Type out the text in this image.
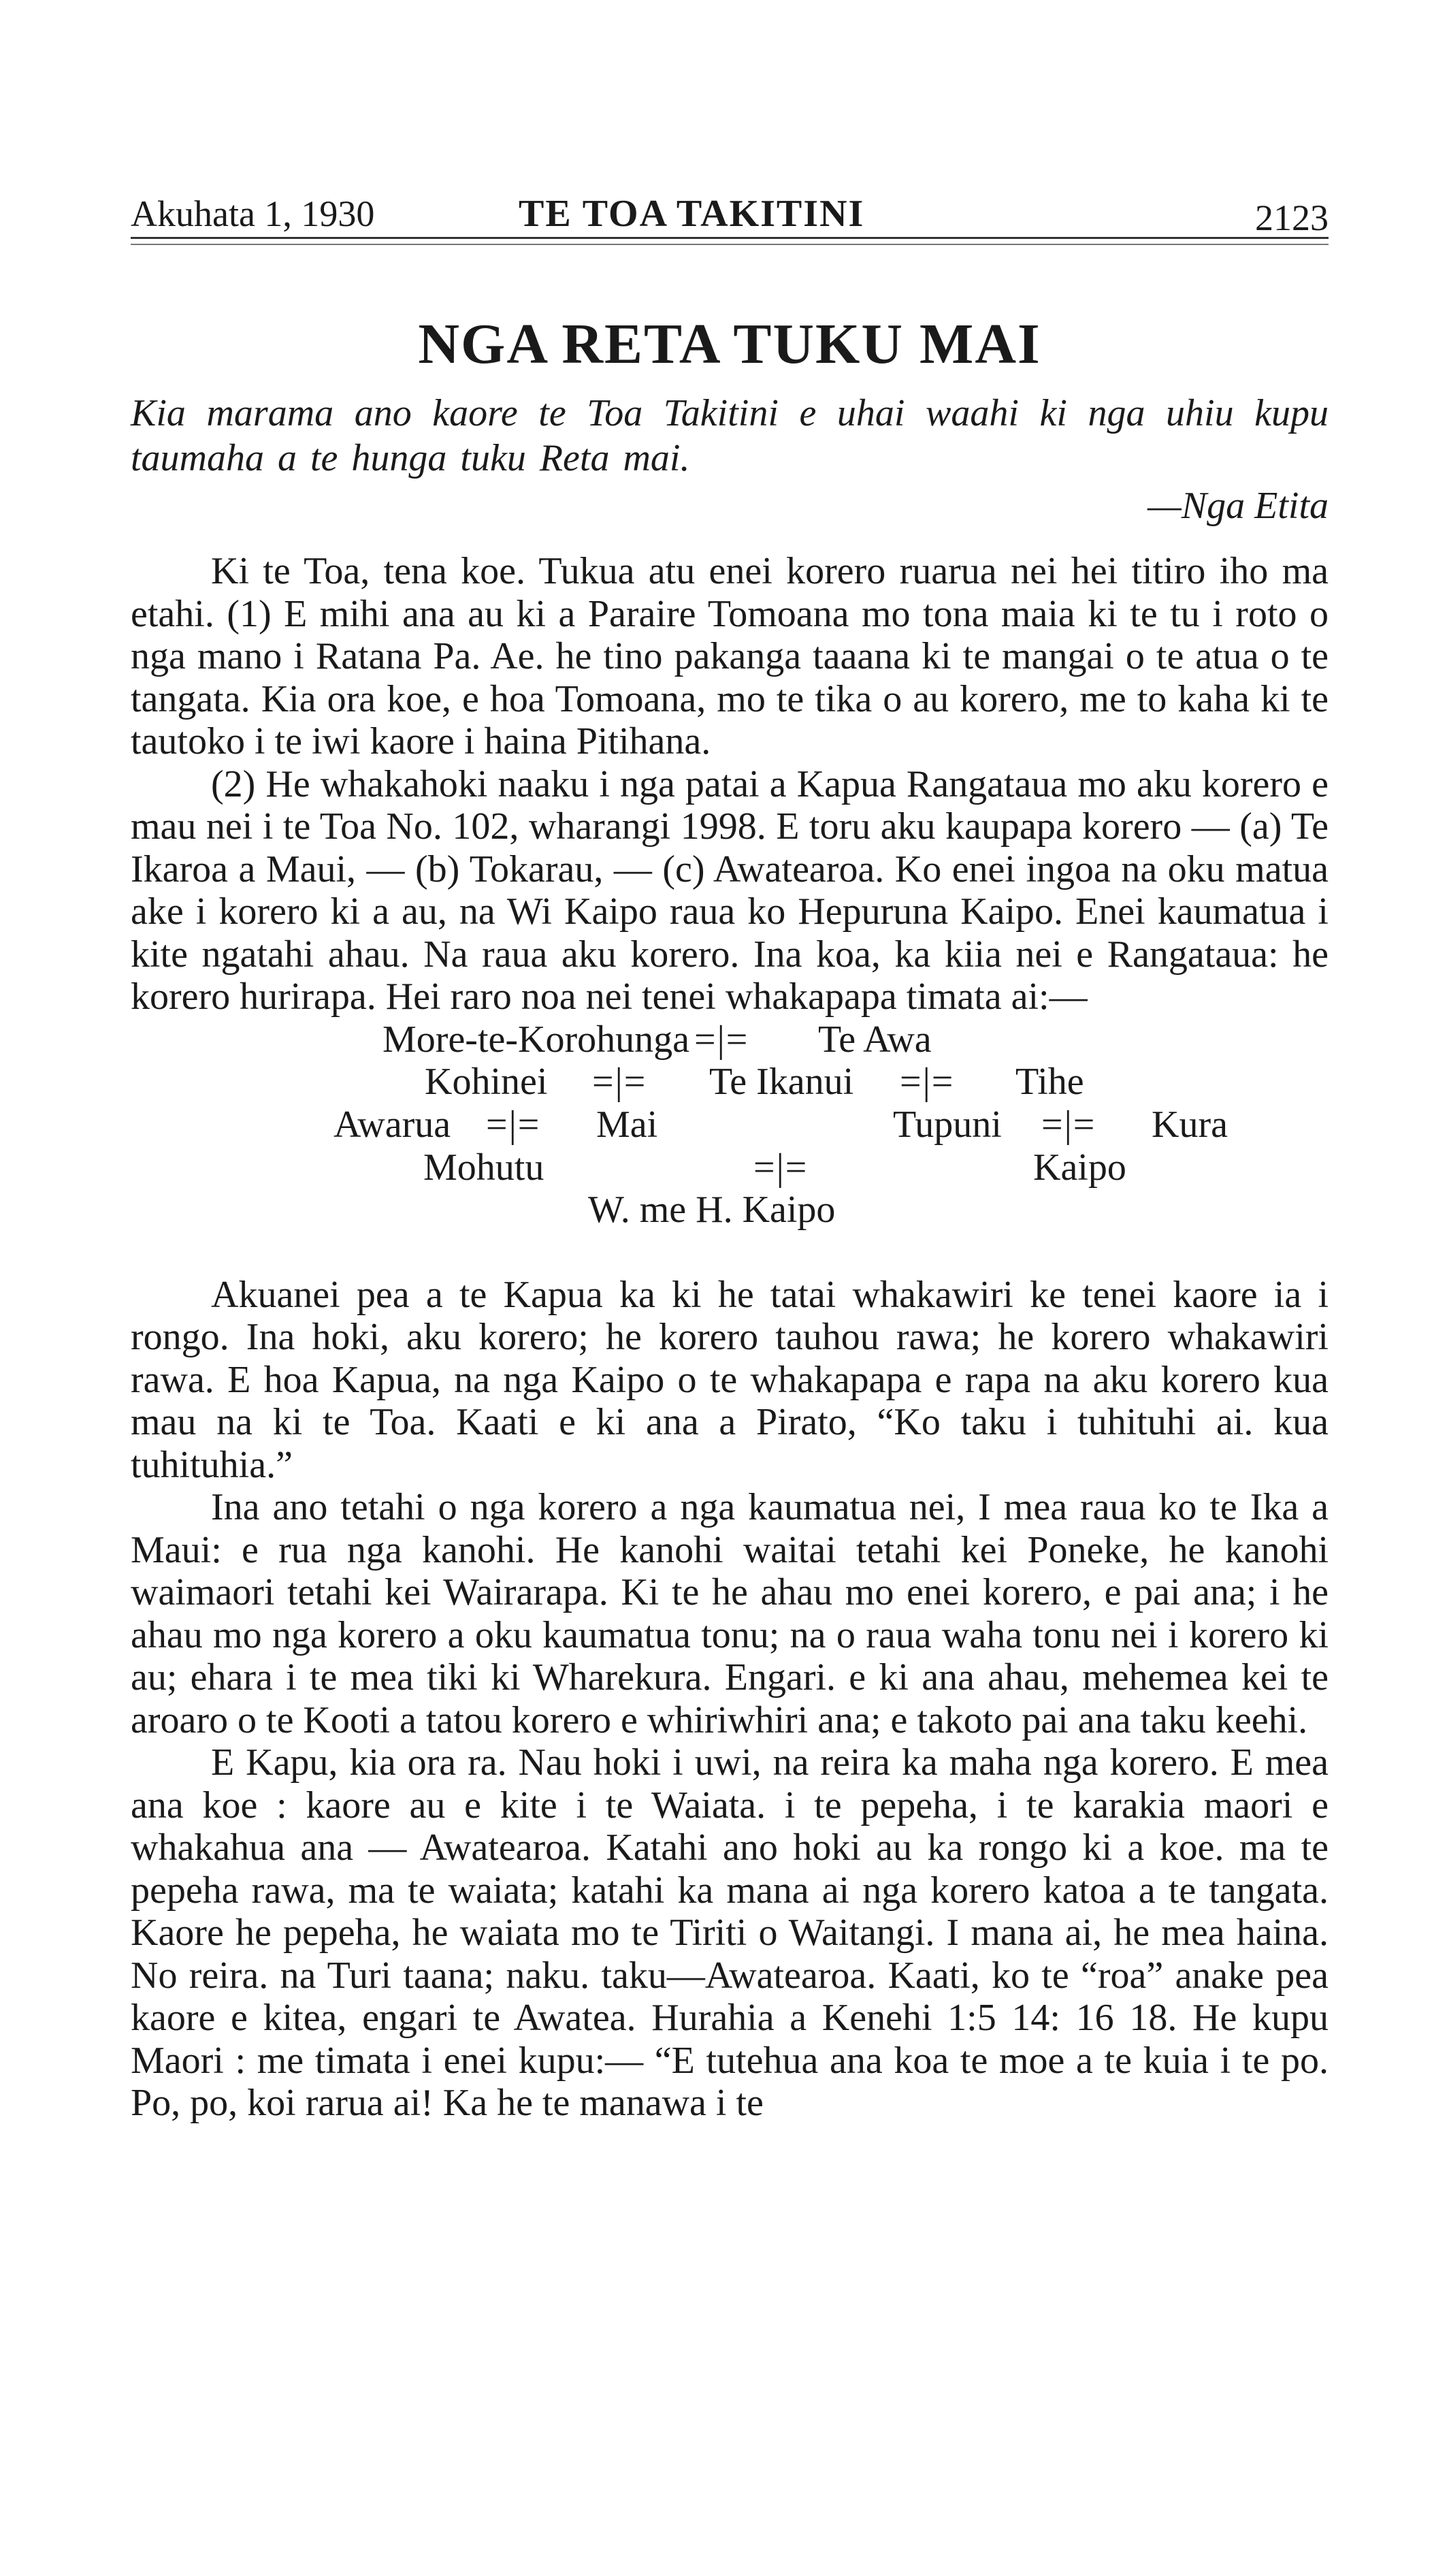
Akuhata 1, 1930	TE TOA TAKITINI	2123
NGA RETA TUKU MAI
Kia marama ano kaore te Toa Takitini e uhai waahi ki nga uhiu kupu taumaha a te hunga tuku Reta mai.
—Nga Etita

Ki te Toa, tena koe. Tukua atu enei korero ruarua nei hei titiro iho ma etahi. (1) E mihi ana au ki a Paraire Tomoana mo tona maia ki te tu i roto o nga mano i Ratana Pa. Ae. he tino pakanga taaana ki te mangai o te atua o te tangata. Kia ora koe, e hoa Tomoana, mo te tika o au korero, me to kaha ki te tautoko i te iwi kaore i haina Pitihana.

(2) He whakahoki naaku i nga patai a Kapua Rangataua mo aku korero e mau nei i te Toa No. 102, wharangi 1998. E toru aku kaupapa korero — (a) Te Ikaroa a Maui, — (b) Tokarau, — (c) Awatearoa. Ko enei ingoa na oku matua ake i korero ki a au, na Wi Kaipo raua ko Hepuruna Kaipo. Enei kaumatua i kite ngatahi ahau. Na raua aku korero. Ina koa, ka kiia nei e Rangataua: he korero hurirapa. Hei raro noa nei tenei whakapapa timata ai:—

More-te-Korohunga =|= Te Awa
Kohinei =|= Te Ikanui =|= Tihe
Awarua =|= Mai	Tupuni =|= Kura
Mohutu	=|=	Kaipo
W. me H. Kaipo

Akuanei pea a te Kapua ka ki he tatai whakawiri ke tenei kaore ia i rongo. Ina hoki, aku korero; he korero tauhou rawa; he korero whakawiri rawa. E hoa Kapua, na nga Kaipo o te whakapapa e rapa na aku korero kua mau na ki te Toa. Kaati e ki ana a Pirato, “Ko taku i tuhituhi ai. kua tuhituhia.”

Ina ano tetahi o nga korero a nga kaumatua nei, I mea raua ko te Ika a Maui: e rua nga kanohi. He kanohi waitai tetahi kei Poneke, he kanohi waimaori tetahi kei Wairarapa. Ki te he ahau mo enei korero, e pai ana; i he ahau mo nga korero a oku kaumatua tonu; na o raua waha tonu nei i korero ki au; ehara i te mea tiki ki Wharekura. Engari. e ki ana ahau, mehemea kei te aroaro o te Kooti a tatou korero e whiriwhiri ana; e takoto pai ana taku keehi.

E Kapu, kia ora ra. Nau hoki i uwi, na reira ka maha nga korero. E mea ana koe : kaore au e kite i te Waiata. i te pepeha, i te karakia maori e whakahua ana — Awatearoa. Katahi ano hoki au ka rongo ki a koe. ma te pepeha rawa, ma te waiata; katahi ka mana ai nga korero katoa a te tangata. Kaore he pepeha, he waiata mo te Tiriti o Waitangi. I mana ai, he mea haina. No reira. na Turi taana; naku. taku—Awatearoa. Kaati, ko te “roa” anake pea kaore e kitea, engari te Awatea. Hurahia a Kenehi 1:5 14: 16 18. He kupu Maori : me timata i enei kupu:— “E tutehua ana koa te moe a te kuia i te po. Po, po, koi rarua ai! Ka he te manawa i te
